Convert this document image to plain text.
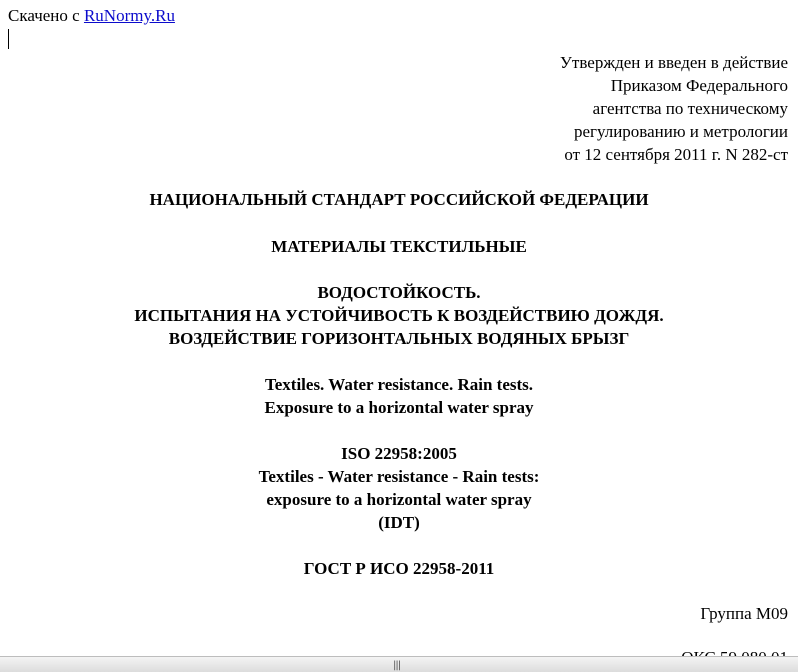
Скачено с RuNormy.Ru
Утвержден и введен в действие
Приказом Федерального
агентства по техническому
регулированию и метрологии
от 12 сентября 2011 г. N 282-ст
НАЦИОНАЛЬНЫЙ СТАНДАРТ РОССИЙСКОЙ ФЕДЕРАЦИИ
МАТЕРИАЛЫ ТЕКСТИЛЬНЫЕ
ВОДОСТОЙКОСТЬ.
ИСПЫТАНИЯ НА УСТОЙЧИВОСТЬ К ВОЗДЕЙСТВИЮ ДОЖДЯ.
ВОЗДЕЙСТВИЕ ГОРИЗОНТАЛЬНЫХ ВОДЯНЫХ БРЫЗГ
Textiles. Water resistance. Rain tests.
Exposure to a horizontal water spray
ISO 22958:2005
Textiles - Water resistance - Rain tests:
exposure to a horizontal water spray
(IDT)
ГОСТ Р ИСО 22958-2011
Группа М09
|||
